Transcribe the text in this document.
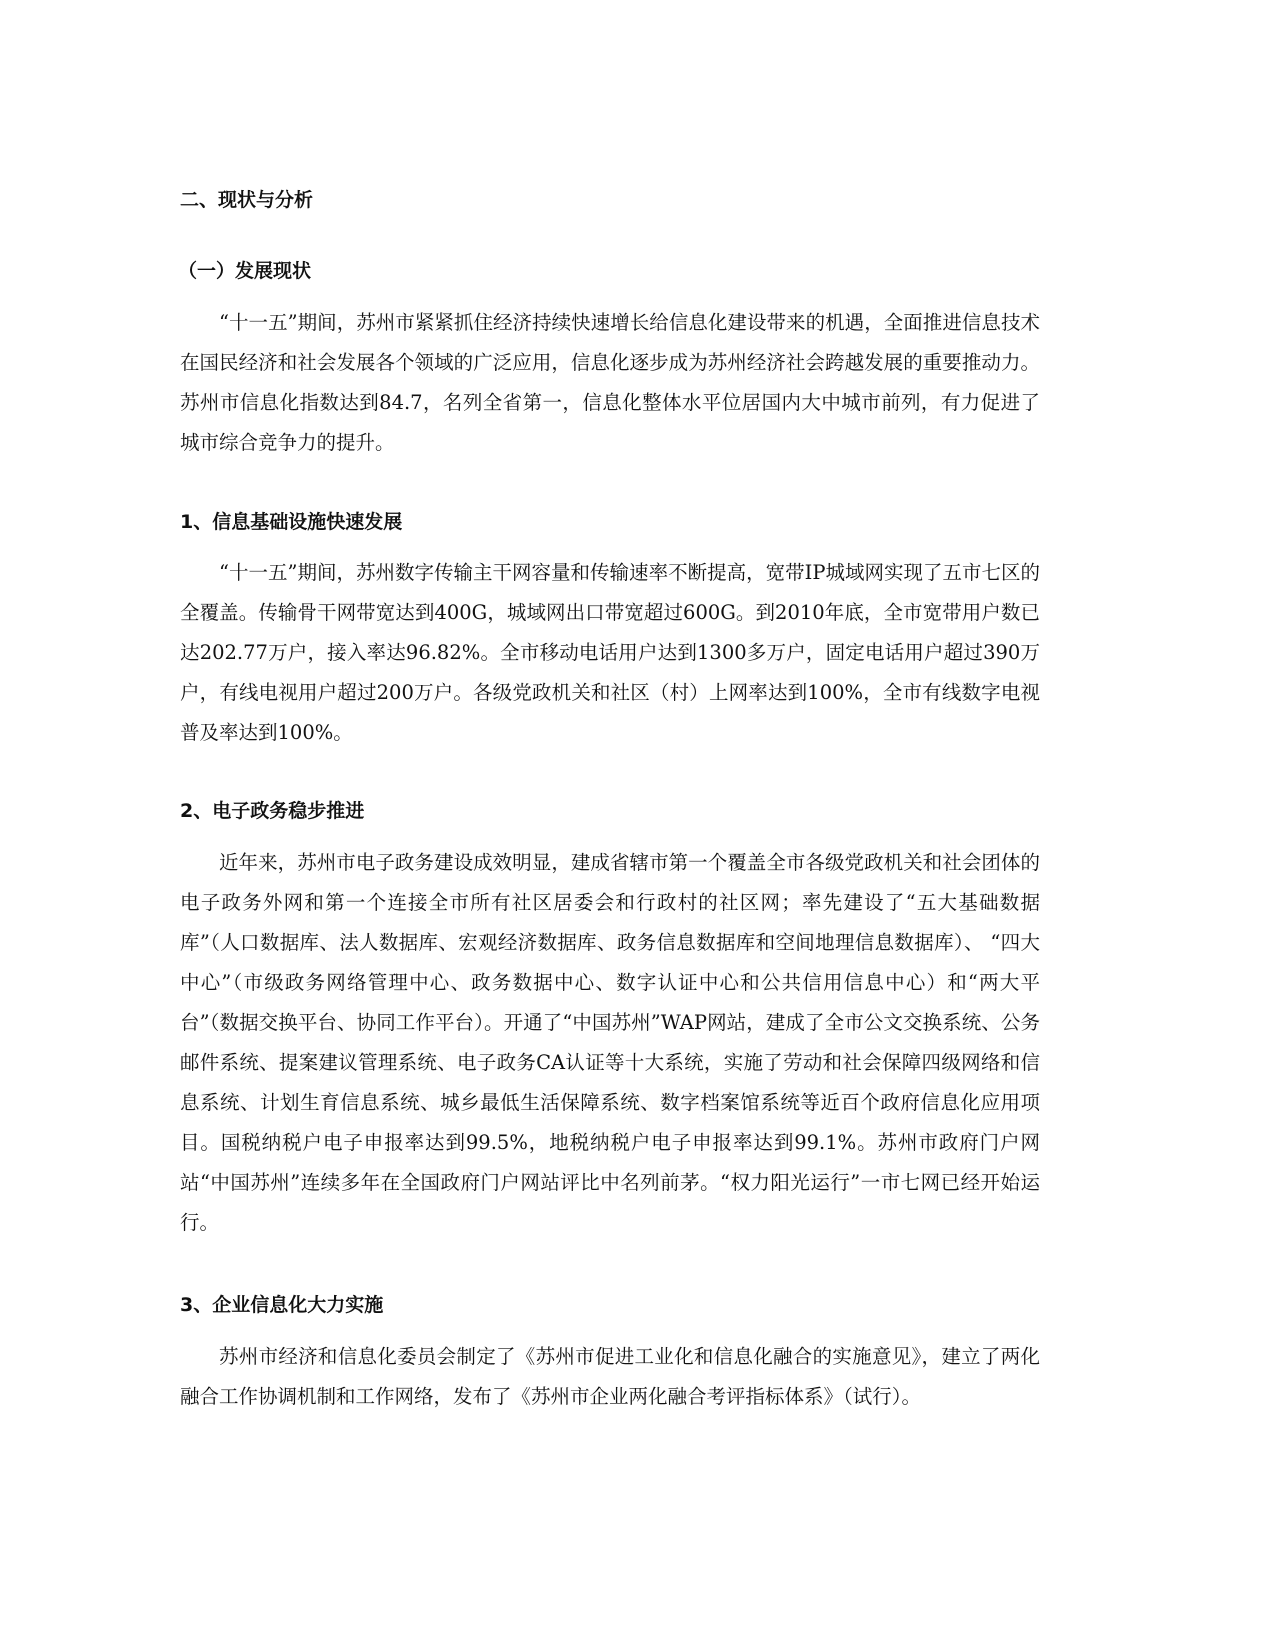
二、现状与分析
（一）发展现状

“十一五”期间，苏州市紧紧抓住经济持续快速增长给信息化建设带来的机遇，全面推进信息技术在国民经济和社会发展各个领域的广泛应用，信息化逐步成为苏州经济社会跨越发展的重要推动力。苏州市信息化指数达到84.7，名列全省第一，信息化整体水平位居国内大中城市前列，有力促进了城市综合竞争力的提升。

1、信息基础设施快速发展

“十一五”期间，苏州数字传输主干网容量和传输速率不断提高，宽带IP城域网实现了五市七区的全覆盖。传输骨干网带宽达到400G，城域网出口带宽超过600G。到2010年底，全市宽带用户数已达202.77万户，接入率达96.82%。全市移动电话用户达到1300多万户，固定电话用户超过390万户，有线电视用户超过200万户。各级党政机关和社区（村）上网率达到100%，全市有线数字电视普及率达到100%。

2、电子政务稳步推进

近年来，苏州市电子政务建设成效明显，建成省辖市第一个覆盖全市各级党政机关和社会团体的电子政务外网和第一个连接全市所有社区居委会和行政村的社区网；率先建设了“五大基础数据库”（人口数据库、法人数据库、宏观经济数据库、政务信息数据库和空间地理信息数据库）、 “四大中心”（市级政务网络管理中心、政务数据中心、数字认证中心和公共信用信息中心）和“两大平台”（数据交换平台、协同工作平台）。开通了“中国苏州”WAP网站，建成了全市公文交换系统、公务邮件系统、提案建议管理系统、电子政务CA认证等十大系统，实施了劳动和社会保障四级网络和信息系统、计划生育信息系统、城乡最低生活保障系统、数字档案馆系统等近百个政府信息化应用项目。国税纳税户电子申报率达到99.5%，地税纳税户电子申报率达到99.1%。苏州市政府门户网站“中国苏州”连续多年在全国政府门户网站评比中名列前茅。“权力阳光运行”一市七网已经开始运行。

3、企业信息化大力实施

苏州市经济和信息化委员会制定了《苏州市促进工业化和信息化融合的实施意见》，建立了两化融合工作协调机制和工作网络，发布了《苏州市企业两化融合考评指标体系》（试行）。
